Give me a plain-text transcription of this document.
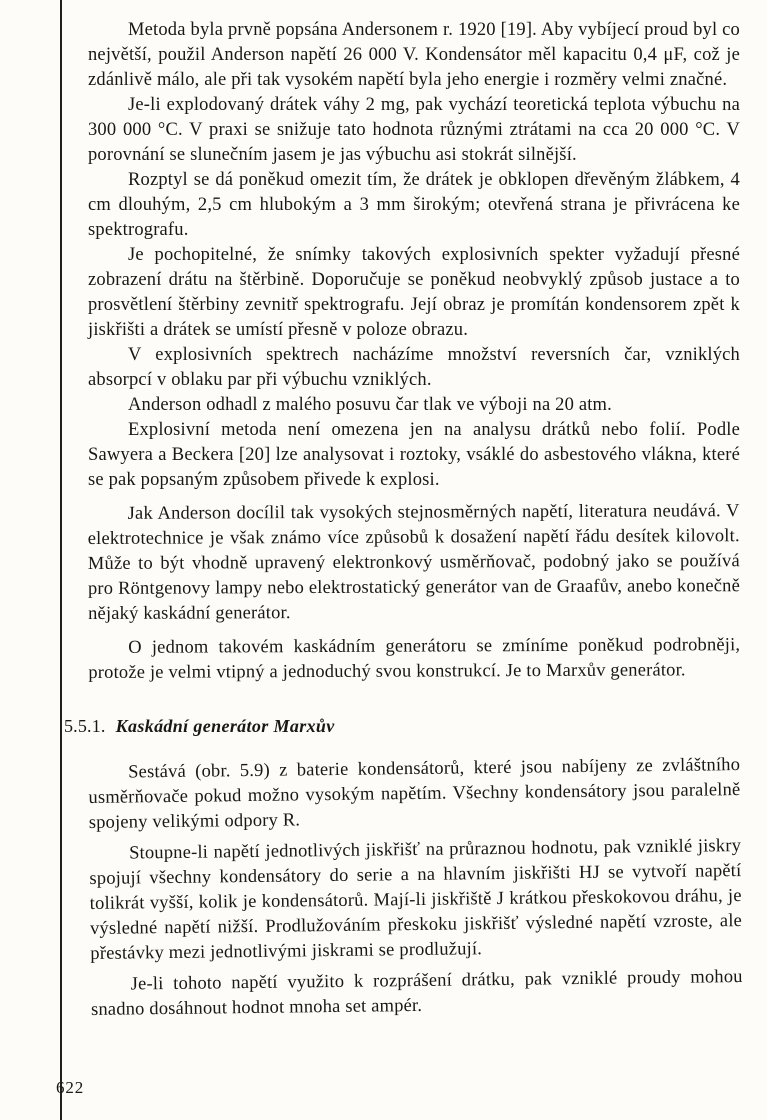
Metoda byla prvně popsána Andersonem r. 1920 [19]. Aby vybíjecí proud byl co největší, použil Anderson napětí 26 000 V. Kondensátor měl kapacitu 0,4 μF, což je zdánlivě málo, ale při tak vysokém napětí byla jeho energie i rozměry velmi značné.

Je-li explodovaný drátek váhy 2 mg, pak vychází teoretická teplota výbuchu na 300 000 °C. V praxi se snižuje tato hodnota různými ztrátami na cca 20 000 °C. V porovnání se slunečním jasem je jas výbuchu asi stokrát silnější.

Rozptyl se dá poněkud omezit tím, že drátek je obklopen dřevěným žlábkem, 4 cm dlouhým, 2,5 cm hlubokým a 3 mm širokým; otevřená strana je přivrácena ke spektrografu.

Je pochopitelné, že snímky takových explosivních spekter vyžadují přesné zobrazení drátu na štěrbině. Doporučuje se poněkud neobvyklý způsob justace a to prosvětlení štěrbiny zevnitř spektrografu. Její obraz je promítán kondensorem zpět k jiskřišti a drátek se umístí přesně v poloze obrazu.

V explosivních spektrech nacházíme množství reversních čar, vzniklých absorpcí v oblaku par při výbuchu vzniklých.

Anderson odhadl z malého posuvu čar tlak ve výboji na 20 atm.

Explosivní metoda není omezena jen na analysu drátků nebo folií. Podle Sawyera a Beckera [20] lze analysovat i roztoky, vsáklé do asbestového vlákna, které se pak popsaným způsobem přivede k explosi.

Jak Anderson docílil tak vysokých stejnosměrných napětí, literatura neudává. V elektrotechnice je však známo více způsobů k dosažení napětí řádu desítek kilovolt. Může to být vhodně upravený elektronkový usměrňovač, podobný jako se používá pro Röntgenovy lampy nebo elektrostatický generátor van de Graafův, anebo konečně nějaký kaskádní generátor.

O jednom takovém kaskádním generátoru se zmíníme poněkud podrobněji, protože je velmi vtipný a jednoduchý svou konstrukcí. Je to Marxův generátor.

5.5.1. Kaskádní generátor Marxův

Sestává (obr. 5.9) z baterie kondensátorů, které jsou nabíjeny ze zvláštního usměrňovače pokud možno vysokým napětím. Všechny kondensátory jsou paralelně spojeny velikými odpory R.

Stoupne-li napětí jednotlivých jiskřišť na průraznou hodnotu, pak vzniklé jiskry spojují všechny kondensátory do serie a na hlavním jiskřišti HJ se vytvoří napětí tolikrát vyšší, kolik je kondensátorů. Mají-li jiskřiště J krátkou přeskokovou dráhu, je výsledné napětí nižší. Prodlužováním přeskoku jiskřišť výsledné napětí vzroste, ale přestávky mezi jednotlivými jiskrami se prodlužují.

Je-li tohoto napětí využito k rozprášení drátku, pak vzniklé proudy mohou snadno dosáhnout hodnot mnoha set ampér.

622
